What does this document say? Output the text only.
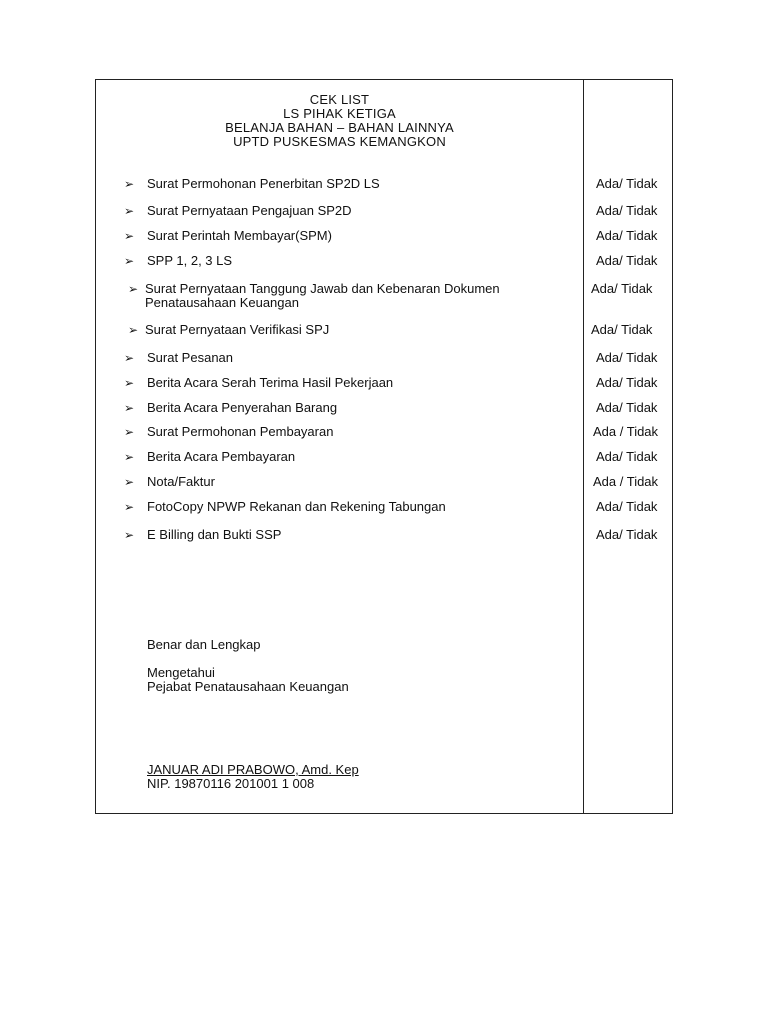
CEK LIST
LS PIHAK KETIGA
BELANJA BAHAN – BAHAN LAINNYA
UPTD PUSKESMAS KEMANGKON
➢ Surat Permohonan Penerbitan SP2D LS	Ada/ Tidak
➢ Surat Pernyataan Pengajuan SP2D	Ada/ Tidak
➢ Surat Perintah Membayar(SPM)	Ada/ Tidak
➢ SPP 1, 2, 3 LS	Ada/ Tidak
➢ Surat Pernyataan Tanggung Jawab dan Kebenaran Dokumen
Penatausahaan Keuangan
Ada/ Tidak
➢ Surat Pernyataan Verifikasi SPJ	Ada/ Tidak
➢ Surat Pesanan	Ada/ Tidak
➢ Berita Acara Serah Terima Hasil Pekerjaan	Ada/ Tidak
➢ Berita Acara Penyerahan Barang	Ada/ Tidak
➢ Surat Permohonan Pembayaran	Ada / Tidak
➢ Berita Acara Pembayaran	Ada/ Tidak
➢ Nota/Faktur	Ada / Tidak
➢ FotoCopy NPWP Rekanan dan Rekening Tabungan	Ada/ Tidak
➢ E Billing dan Bukti SSP	Ada/ Tidak
Benar dan Lengkap
Mengetahui
Pejabat Penatausahaan Keuangan
JANUAR ADI PRABOWO, Amd. Kep
NIP. 19870116 201001 1 008
